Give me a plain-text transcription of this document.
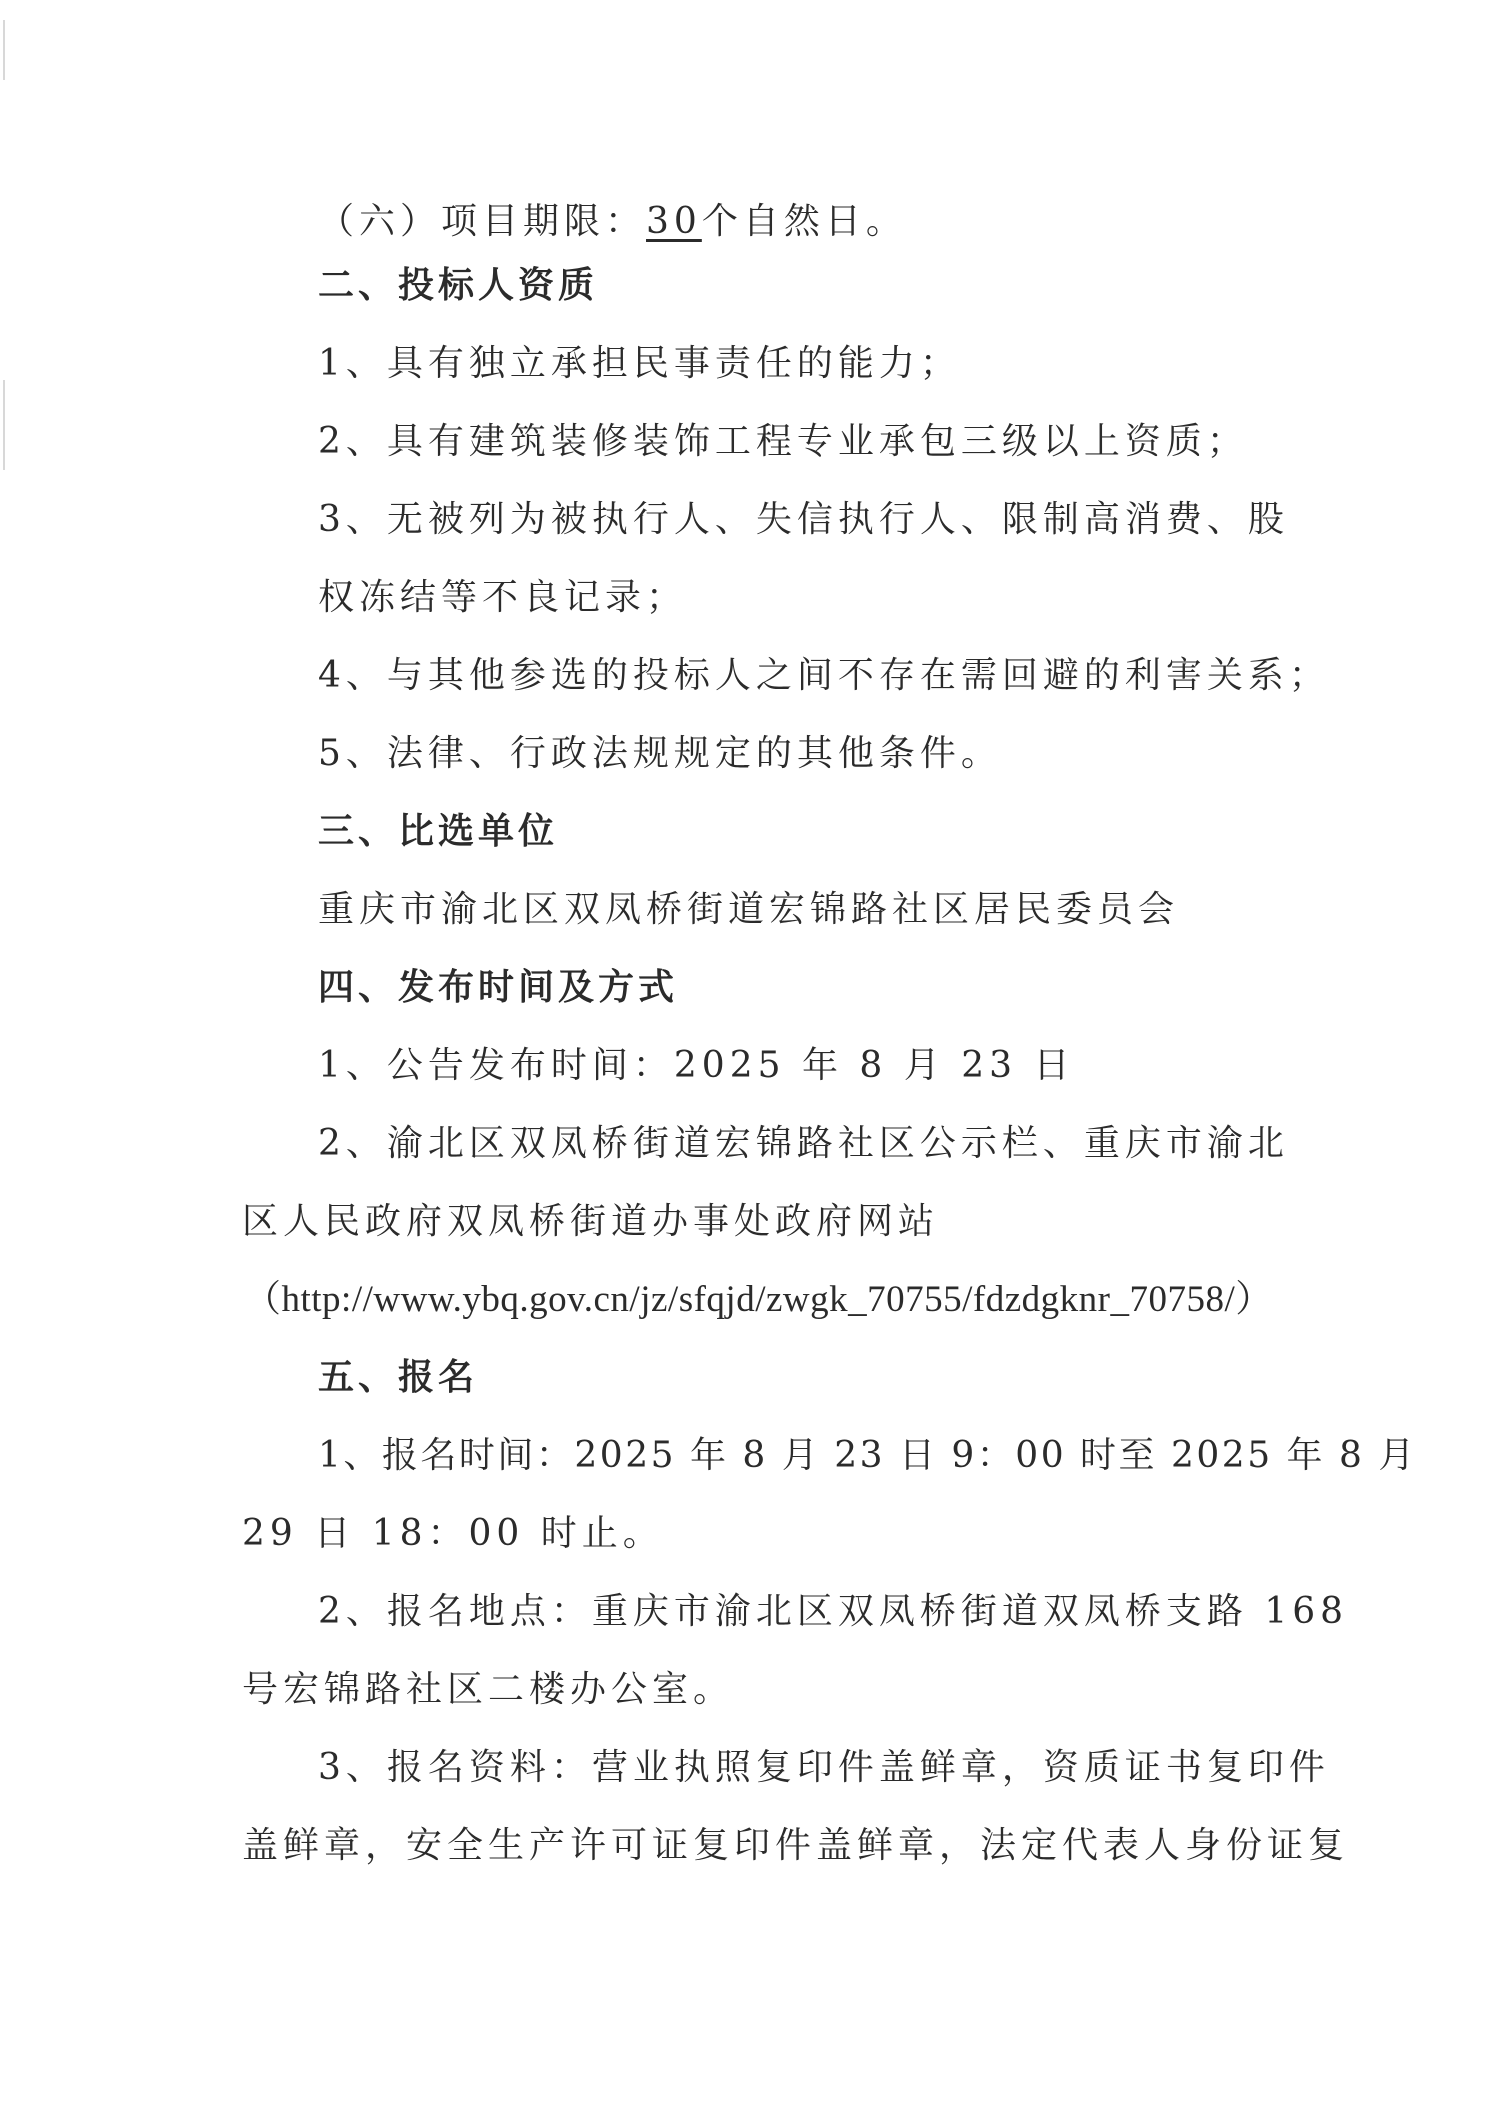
（六）项目期限：30个自然日。
二、投标人资质
1、具有独立承担民事责任的能力；
2、具有建筑装修装饰工程专业承包三级以上资质；
3、无被列为被执行人、失信执行人、限制高消费、股
权冻结等不良记录；
4、与其他参选的投标人之间不存在需回避的利害关系；
5、法律、行政法规规定的其他条件。
三、比选单位
重庆市渝北区双凤桥街道宏锦路社区居民委员会
四、发布时间及方式
1、公告发布时间：2025 年 8 月 23 日
2、渝北区双凤桥街道宏锦路社区公示栏、重庆市渝北
区人民政府双凤桥街道办事处政府网站
（http://www.ybq.gov.cn/jz/sfqjd/zwgk_70755/fdzdgknr_70758/）
五、报名
1、报名时间：2025 年 8 月 23 日 9：00 时至 2025 年 8 月
29 日 18：00 时止。
2、报名地点：重庆市渝北区双凤桥街道双凤桥支路 168
号宏锦路社区二楼办公室。
3、报名资料：营业执照复印件盖鲜章，资质证书复印件
盖鲜章，安全生产许可证复印件盖鲜章，法定代表人身份证复
